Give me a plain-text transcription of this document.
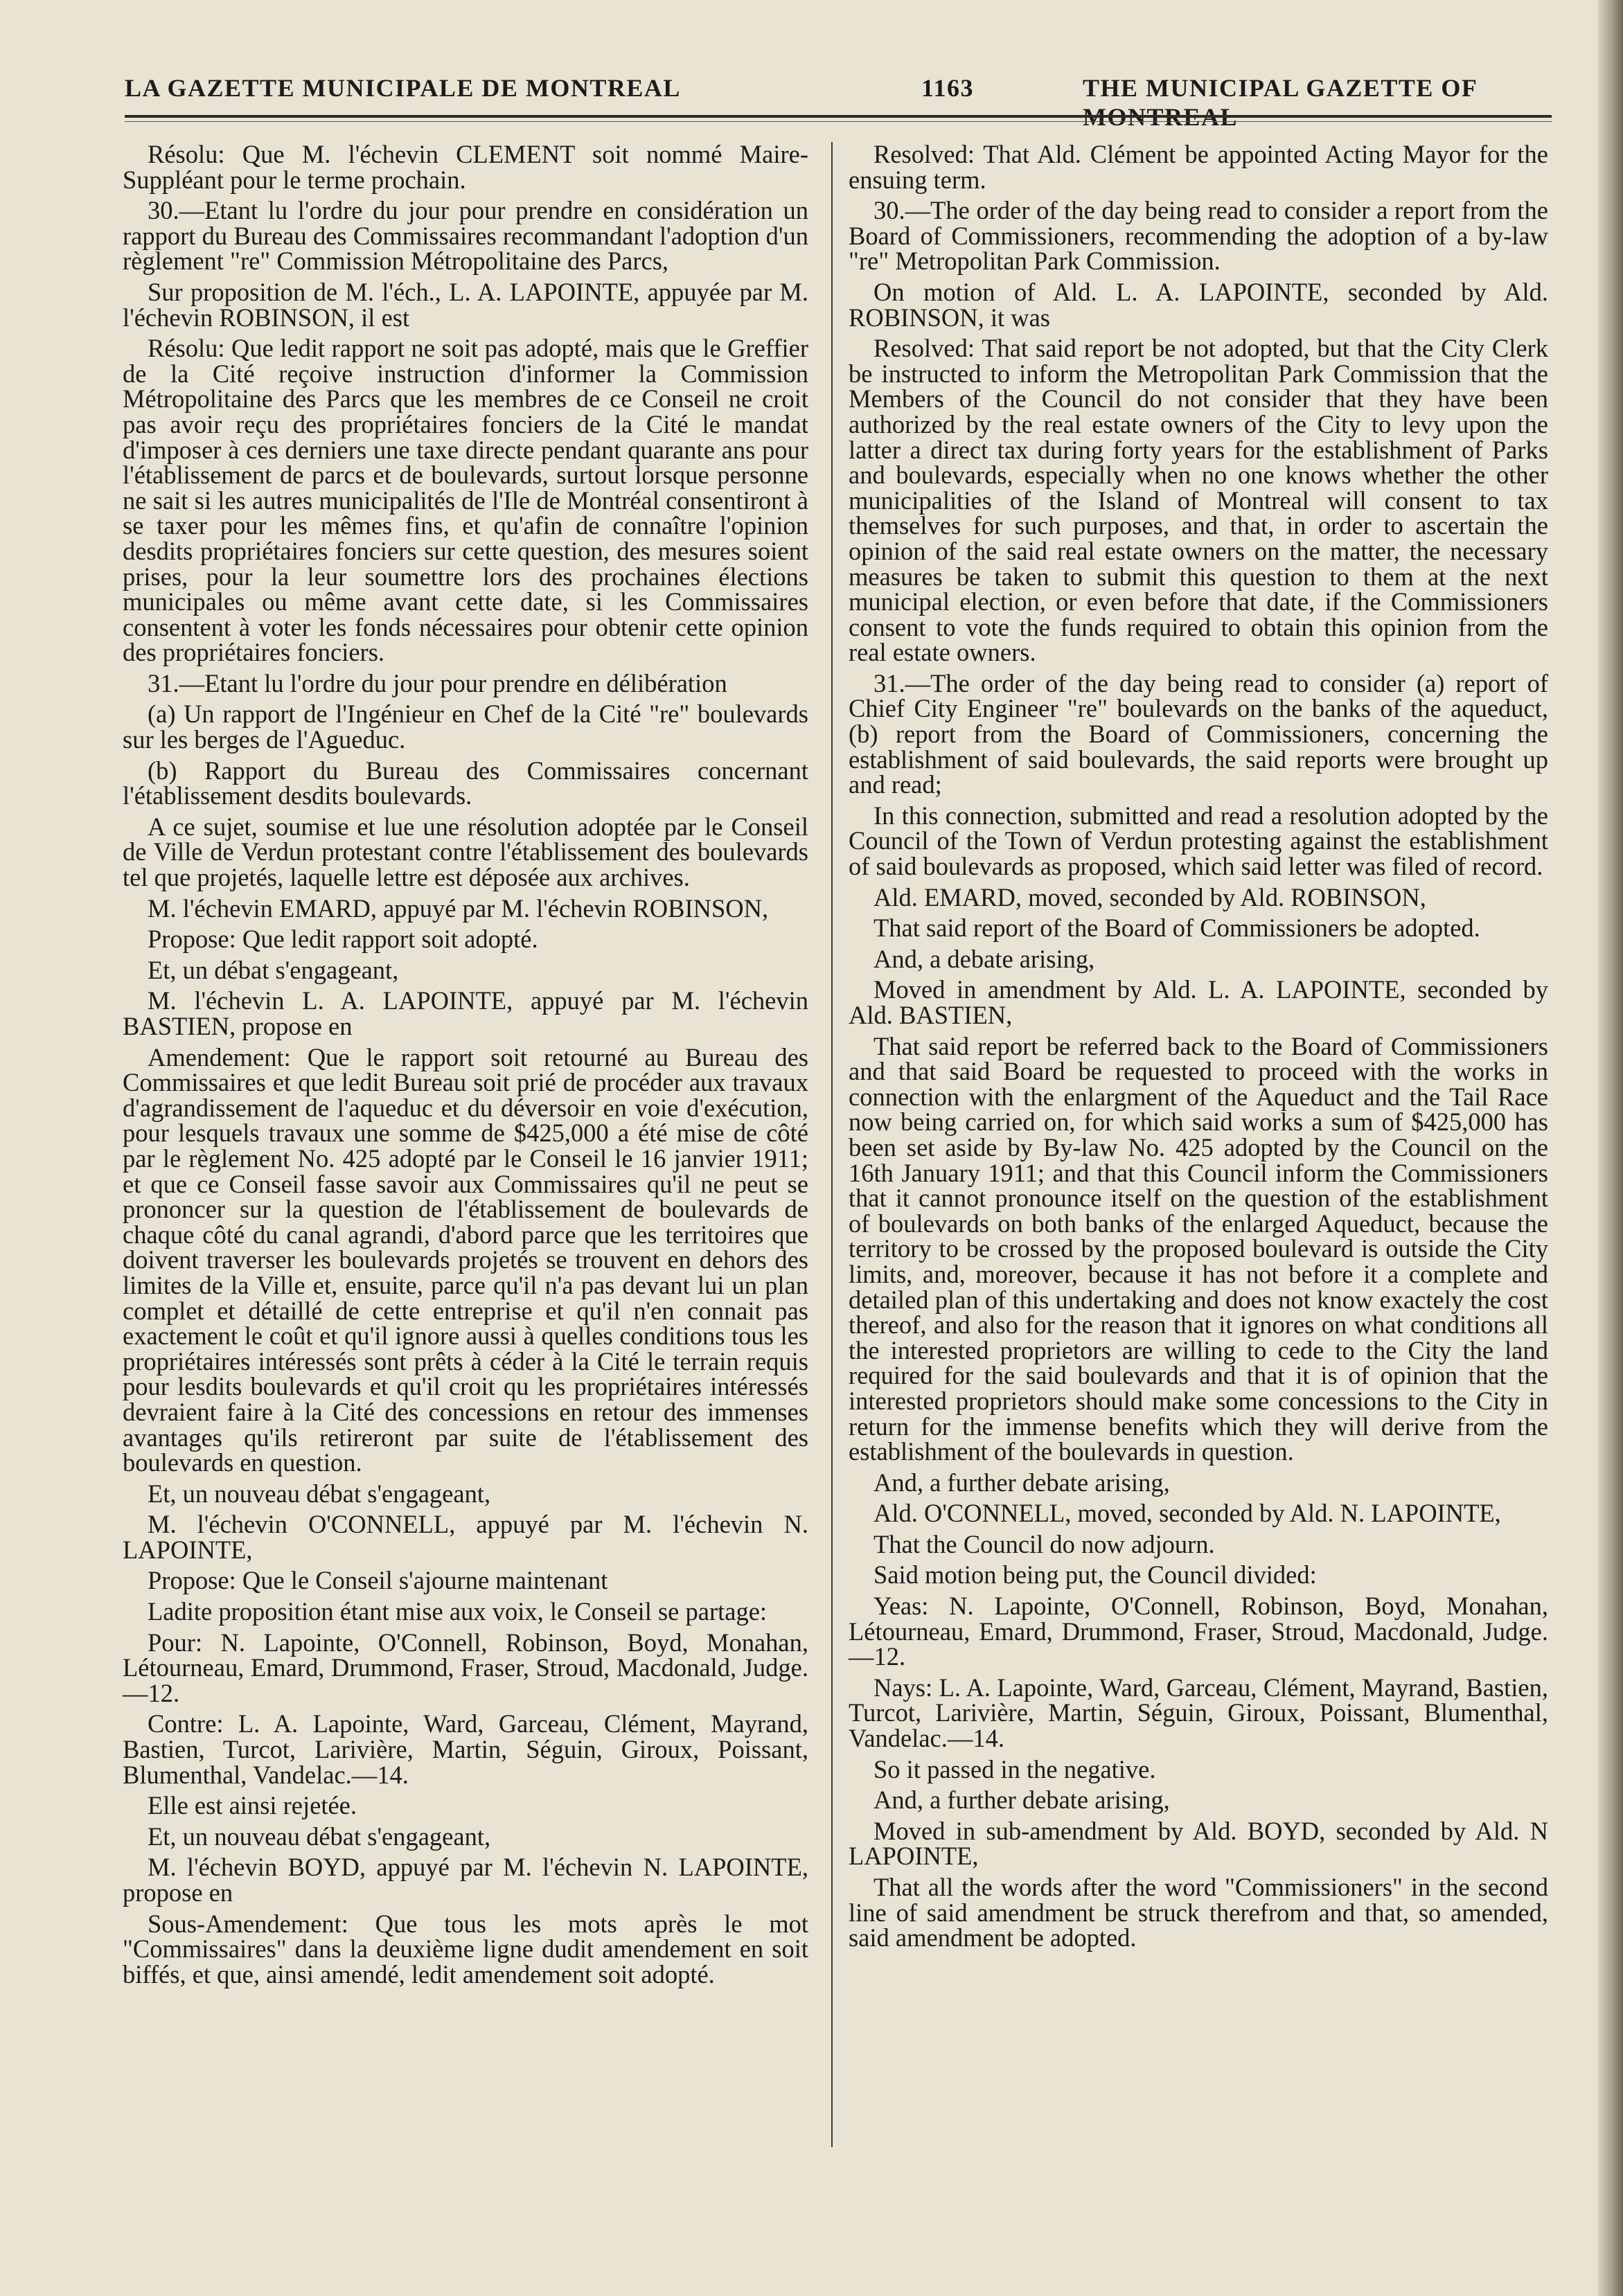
LA GAZETTE MUNICIPALE DE MONTREAL	1163	THE MUNICIPAL GAZETTE OF MONTREAL

Résolu: Que M. l'échevin CLEMENT soit nommé Maire-Suppléant pour le terme prochain.

30.—Etant lu l'ordre du jour pour prendre en considération un rapport du Bureau des Commissaires recommandant l'adoption d'un règlement "re" Commission Métropolitaine des Parcs,

Sur proposition de M. l'éch., L. A. LAPOINTE, appuyée par M. l'échevin ROBINSON, il est

Résolu: Que ledit rapport ne soit pas adopté, mais que le Greffier de la Cité reçoive instruction d'informer la Commission Métropolitaine des Parcs que les membres de ce Conseil ne croit pas avoir reçu des propriétaires fonciers de la Cité le mandat d'imposer à ces derniers une taxe directe pendant quarante ans pour l'établissement de parcs et de boulevards, surtout lorsque personne ne sait si les autres municipalités de l'Ile de Montréal consentiront à se taxer pour les mêmes fins, et qu'afin de connaître l'opinion desdits propriétaires fonciers sur cette question, des mesures soient prises, pour la leur soumettre lors des prochaines élections municipales ou même avant cette date, si les Commissaires consentent à voter les fonds nécessaires pour obtenir cette opinion des propriétaires fonciers.

31.—Etant lu l'ordre du jour pour prendre en délibération

(a) Un rapport de l'Ingénieur en Chef de la Cité "re" boulevards sur les berges de l'Agueduc.

(b) Rapport du Bureau des Commissaires concernant l'établissement desdits boulevards.

A ce sujet, soumise et lue une résolution adoptée par le Conseil de Ville de Verdun protestant contre l'établissement des boulevards tel que projetés, laquelle lettre est déposée aux archives.

M. l'échevin EMARD, appuyé par M. l'échevin ROBINSON,

Propose: Que ledit rapport soit adopté.

Et, un débat s'engageant,

M. l'échevin L. A. LAPOINTE, appuyé par M. l'échevin BASTIEN, propose en

Amendement: Que le rapport soit retourné au Bureau des Commissaires et que ledit Bureau soit prié de procéder aux travaux d'agrandissement de l'aqueduc et du déversoir en voie d'exécution, pour lesquels travaux une somme de $425,000 a été mise de côté par le règlement No. 425 adopté par le Conseil le 16 janvier 1911; et que ce Conseil fasse savoir aux Commissaires qu'il ne peut se prononcer sur la question de l'établissement de boulevards de chaque côté du canal agrandi, d'abord parce que les territoires que doivent traverser les boulevards projetés se trouvent en dehors des limites de la Ville et, ensuite, parce qu'il n'a pas devant lui un plan complet et détaillé de cette entreprise et qu'il n'en connait pas exactement le coût et qu'il ignore aussi à quelles conditions tous les propriétaires intéressés sont prêts à céder à la Cité le terrain requis pour lesdits boulevards et qu'il croit qu les propriétaires intéressés devraient faire à la Cité des concessions en retour des immenses avantages qu'ils retireront par suite de l'établissement des boulevards en question.

Et, un nouveau débat s'engageant,

M. l'échevin O'CONNELL, appuyé par M. l'échevin N. LAPOINTE,

Propose: Que le Conseil s'ajourne maintenant

Ladite proposition étant mise aux voix, le Conseil se partage:

Pour: N. Lapointe, O'Connell, Robinson, Boyd, Monahan, Létourneau, Emard, Drummond, Fraser, Stroud, Macdonald, Judge.—12.

Contre: L. A. Lapointe, Ward, Garceau, Clément, Mayrand, Bastien, Turcot, Larivière, Martin, Séguin, Giroux, Poissant, Blumenthal, Vandelac.—14.

Elle est ainsi rejetée.

Et, un nouveau débat s'engageant,

M. l'échevin BOYD, appuyé par M. l'échevin N. LAPOINTE, propose en

Sous-Amendement: Que tous les mots après le mot "Commissaires" dans la deuxième ligne dudit amendement en soit biffés, et que, ainsi amendé, ledit amendement soit adopté.

Resolved: That Ald. Clément be appointed Acting Mayor for the ensuing term.

30.—The order of the day being read to consider a report from the Board of Commissioners, recommending the adoption of a by-law "re" Metropolitan Park Commission.

On motion of Ald. L. A. LAPOINTE, seconded by Ald. ROBINSON, it was

Resolved: That said report be not adopted, but that the City Clerk be instructed to inform the Metropolitan Park Commission that the Members of the Council do not consider that they have been authorized by the real estate owners of the City to levy upon the latter a direct tax during forty years for the establishment of Parks and boulevards, especially when no one knows whether the other municipalities of the Island of Montreal will consent to tax themselves for such purposes, and that, in order to ascertain the opinion of the said real estate owners on the matter, the necessary measures be taken to submit this question to them at the next municipal election, or even before that date, if the Commissioners consent to vote the funds required to obtain this opinion from the real estate owners.

31.—The order of the day being read to consider (a) report of Chief City Engineer "re" boulevards on the banks of the aqueduct, (b) report from the Board of Commissioners, concerning the establishment of said boulevards, the said reports were brought up and read;

In this connection, submitted and read a resolution adopted by the Council of the Town of Verdun protesting against the establishment of said boulevards as proposed, which said letter was filed of record.

Ald. EMARD, moved, seconded by Ald. ROBINSON,

That said report of the Board of Commissioners be adopted.

And, a debate arising,

Moved in amendment by Ald. L. A. LAPOINTE, seconded by Ald. BASTIEN,

That said report be referred back to the Board of Commissioners and that said Board be requested to proceed with the works in connection with the enlargment of the Aqueduct and the Tail Race now being carried on, for which said works a sum of $425,000 has been set aside by By-law No. 425 adopted by the Council on the 16th January 1911; and that this Council inform the Commissioners that it cannot pronounce itself on the question of the establishment of boulevards on both banks of the enlarged Aqueduct, because the territory to be crossed by the proposed boulevard is outside the City limits, and, moreover, because it has not before it a complete and detailed plan of this undertaking and does not know exactely the cost thereof, and also for the reason that it ignores on what conditions all the interested proprietors are willing to cede to the City the land required for the said boulevards and that it is of opinion that the interested proprietors should make some concessions to the City in return for the immense benefits which they will derive from the establishment of the boulevards in question.

And, a further debate arising,

Ald. O'CONNELL, moved, seconded by Ald. N. LAPOINTE,

That the Council do now adjourn.

Said motion being put, the Council divided:

Yeas: N. Lapointe, O'Connell, Robinson, Boyd, Monahan, Létourneau, Emard, Drummond, Fraser, Stroud, Macdonald, Judge.—12.

Nays: L. A. Lapointe, Ward, Garceau, Clément, Mayrand, Bastien, Turcot, Larivière, Martin, Séguin, Giroux, Poissant, Blumenthal, Vandelac.—14.

So it passed in the negative.

And, a further debate arising,

Moved in sub-amendment by Ald. BOYD, seconded by Ald. N LAPOINTE,

That all the words after the word "Commissioners" in the second line of said amendment be struck therefrom and that, so amended, said amendment be adopted.
